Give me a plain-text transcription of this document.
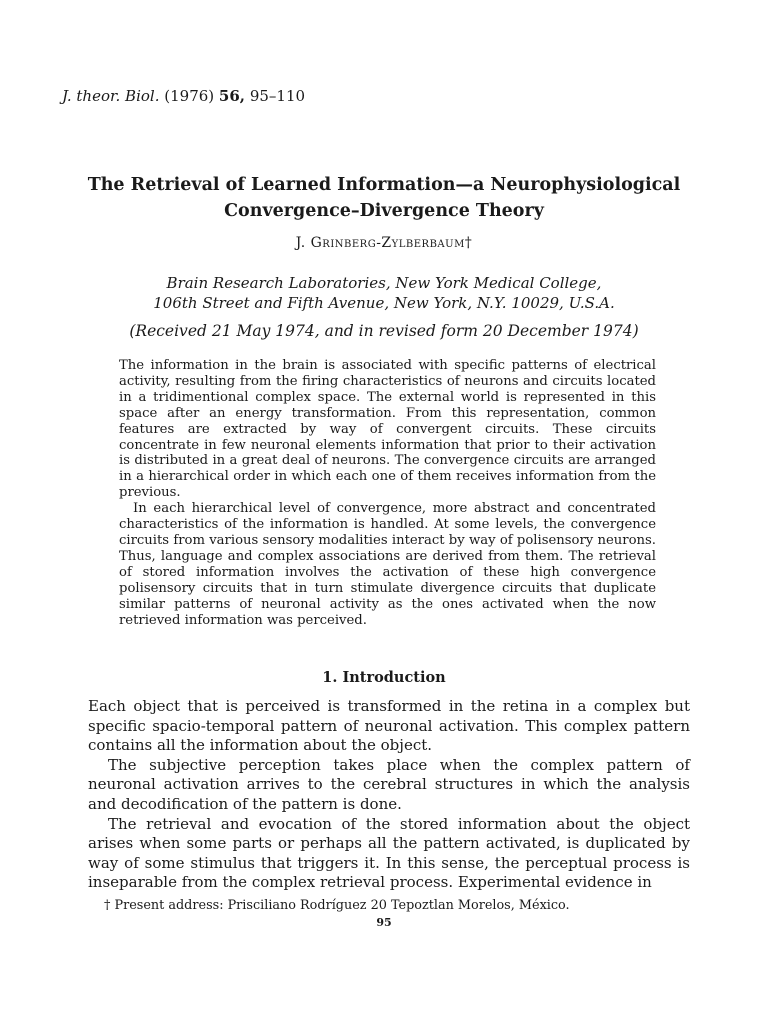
J. theor. Biol. (1976) 56, 95–110
The Retrieval of Learned Information—a Neurophysiological
Convergence–Divergence Theory
J. Grinberg-Zylberbaum†
Brain Research Laboratories, New York Medical College,
106th Street and Fifth Avenue, New York, N.Y. 10029, U.S.A.
(Received 21 May 1974, and in revised form 20 December 1974)

The information in the brain is associated with specific patterns of electrical activity, resulting from the firing characteristics of neurons and circuits located in a tridimentional complex space. The external world is represented in this space after an energy transformation. From this representation, common features are extracted by way of convergent circuits. These circuits concentrate in few neuronal elements information that prior to their activation is distributed in a great deal of neurons. The convergence circuits are arranged in a hierarchical order in which each one of them receives information from the previous.

In each hierarchical level of convergence, more abstract and concentrated characteristics of the information is handled. At some levels, the convergence circuits from various sensory modalities interact by way of polisensory neurons. Thus, language and complex associations are derived from them. The retrieval of stored information involves the activation of these high convergence polisensory circuits that in turn stimulate divergence circuits that duplicate similar patterns of neuronal activity as the ones activated when the now retrieved information was perceived.

1. Introduction

Each object that is perceived is transformed in the retina in a complex but specific spacio-temporal pattern of neuronal activation. This complex pattern contains all the information about the object.

The subjective perception takes place when the complex pattern of neuronal activation arrives to the cerebral structures in which the analysis and decodification of the pattern is done.

The retrieval and evocation of the stored information about the object arises when some parts or perhaps all the pattern activated, is duplicated by way of some stimulus that triggers it. In this sense, the perceptual process is inseparable from the complex retrieval process. Experimental evidence in

† Present address: Prisciliano Rodríguez 20 Tepoztlan Morelos, México.
95
